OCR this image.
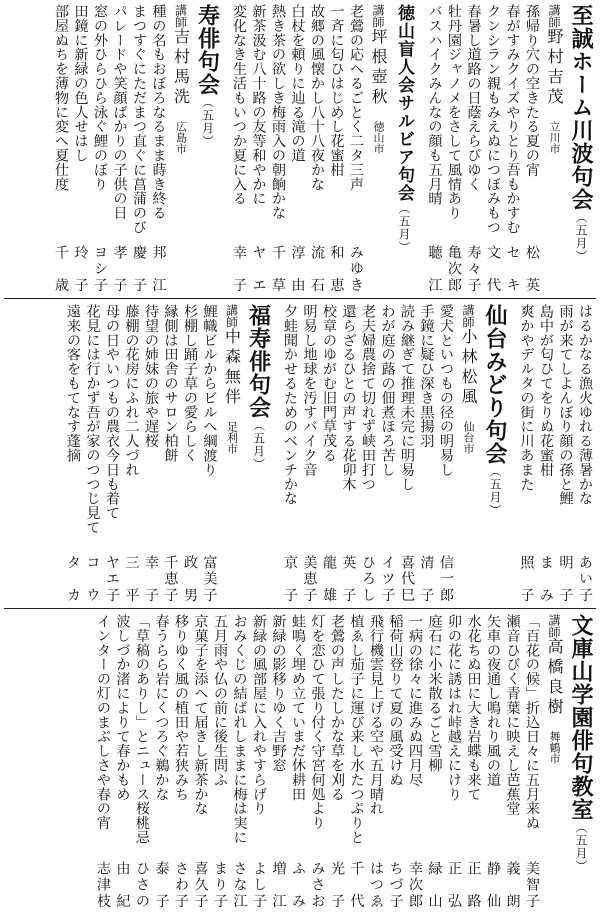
至誠ホーム川波句会（五月）
講師野村吉茂　立川市
孫帰り穴の空きたる夏の宵
松　英
春がすみクイズやりとり吾もかすむ
セ　キ
クンシラン親もみえぬにつぼみもつ
文　代
春暑し道路の日蔭えらびゆく
寿々子
牡丹園ジャノメをさして風情あり
亀次郎
バスハイクみんなの顔も五月晴
聴　江
徳山盲人会サルビア句会（五月）
講師坪根壺秋　徳山市
老鶯の応へるごとく二タ三声
みゆき
一斉に匂ひはじめし花蜜柑
和　恵
故郷の風懐かし八十八夜かな
流　石
白杖を頼りに辿る滝の道
淳　由
熱き茶の欲しき梅雨入の朝餉かな
千　草
新茶汲む八十路の友等和やかに
ヤ　エ
変化なき生活もいつか夏に入る
幸　子
寿俳句会（五月）
講師吉村馬洗　広島市
種の名もおぼろなるまま蒔き終る
邦　江
まつすぐにただまつ直ぐに菖蒲のび
慶　子
パレードや笑顔ばかりの子供の日
孝　子
窓の外ひらひら泳ぐ鯉のぼり
ヨシ子
田鏡に新緑の色人せはし
玲　子
部屋ぬちを薄物に変へ夏仕度
千　歳
はるかなる漁火ゆれる薄暑かな
あい子
雨が来てしよんぼり顔の孫と鯉
明　子
島中が匂ひてをりぬ花蜜柑
ま　み
爽かやデルタの街に川あまた
照　子
仙台みどり句会（五月）
講師小林松風　仙台市
愛犬といつもの径の明易し
信一郎
手鏡に疑ひ深き黒揚羽
清　子
読み継ぎて推理未完に明易し
喜代巳
わが庭の蕗の佃煮ほろ苦し
イツ子
老夫婦農捨て切れず峡田打つ
ひろし
還らざるひとの声する花卯木
英　子
校章のゆがむ旧門草茂る
龍　雄
明易し地球を汚すバイク音
美恵子
夕蛙聞かせるためのベンチかな
京　子
福寿俳句会（五月）
講師中森無伴　足利市
鯉幟ビルからビルへ綱渡り
富美子
杉棚し踊子草の愛らしく
政　男
縁側は田舎のサロン柏餅
千恵子
待望の姉妹の旅や遅桜
幸　子
藤棚の花房にふれ二人づれ
三　平
母の日やいつもの農衣今日も着て
ヤエ子
花見には行かず吾が家のつつじ見て
コ　ウ
遠来の客をもてなす蓬摘
タ　カ
文庫山学園俳句教室（五月）
講師高橋良樹　舞鶴市
「百花の候」折込日々に五月来ぬ
美智子
瀬音ひびく青葉に映えし芭蕉堂
義　朗
矢車の夜通し鳴れり風の道
静　仙
水花ちぬ田に大き岩蝶も来て
正　路
卯の花に誘はれ峠越えにけり
正　弘
庭石に小米散るごと雪柳
緑　山
一病の徐々に進みぬ四月尽
幸次郎
稲荷山登りて夏の風受けぬ
ちづ子
飛行機雲見上げる空や五月晴れ
はつゑ
植ゑし茄子に運び来し水たつぷりと
千　代
老鶯の声したしかな草を刈る
光　子
灯を恋ひて張り付く守宮何処より
みさお
蛙鳴く埋め立ていまだ休耕田
ふ　み
新緑の影移りゆく吉野窓
増　江
新緑の風部屋に入れやすらげり
よし子
おみくじの結ばれしままに梅は実に
さな江
五月雨や仏の前に後生問ふ
まり子
京菓子を添へて届きし新茶かな
喜久子
移りゆく風の植田や若狭みち
さわ子
春うらら岩にくつろぐ鵜かな
泰　子
「草稿のありし」とニュース桜桃忌
ひさの
波しづか渚によりて春かもめ
由　紀
インターの灯のまぶしさや春の宵
志津枝
